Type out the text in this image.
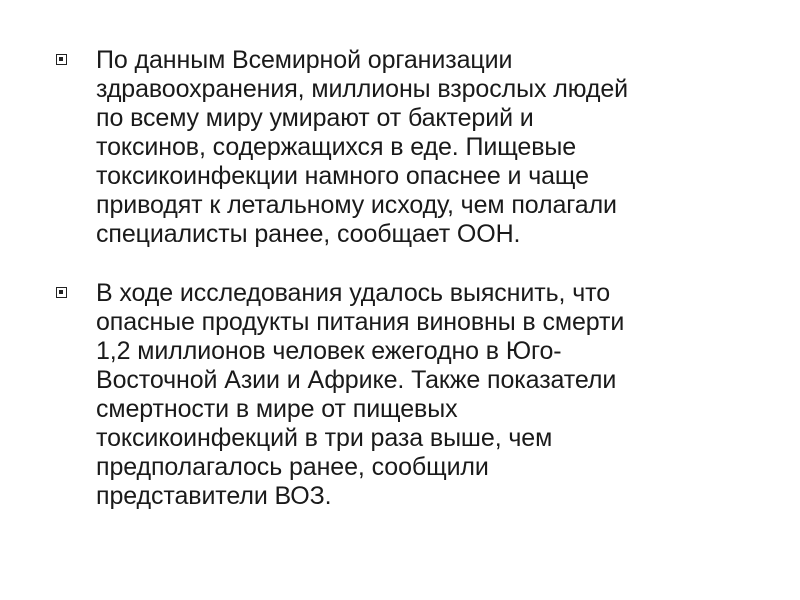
По данным Всемирной организации
здравоохранения, миллионы взрослых людей
по всему миру умирают от бактерий и
токсинов, содержащихся в еде. Пищевые
токсикоинфекции намного опаснее и чаще
приводят к летальному исходу, чем полагали
специалисты ранее, сообщает ООН.
В ходе исследования удалось выяснить, что
опасные продукты питания виновны в смерти
1,2 миллионов человек ежегодно в Юго-
Восточной Азии и Африке. Также показатели
смертности в мире от пищевых
токсикоинфекций в три раза выше, чем
предполагалось ранее, сообщили
представители ВОЗ.
